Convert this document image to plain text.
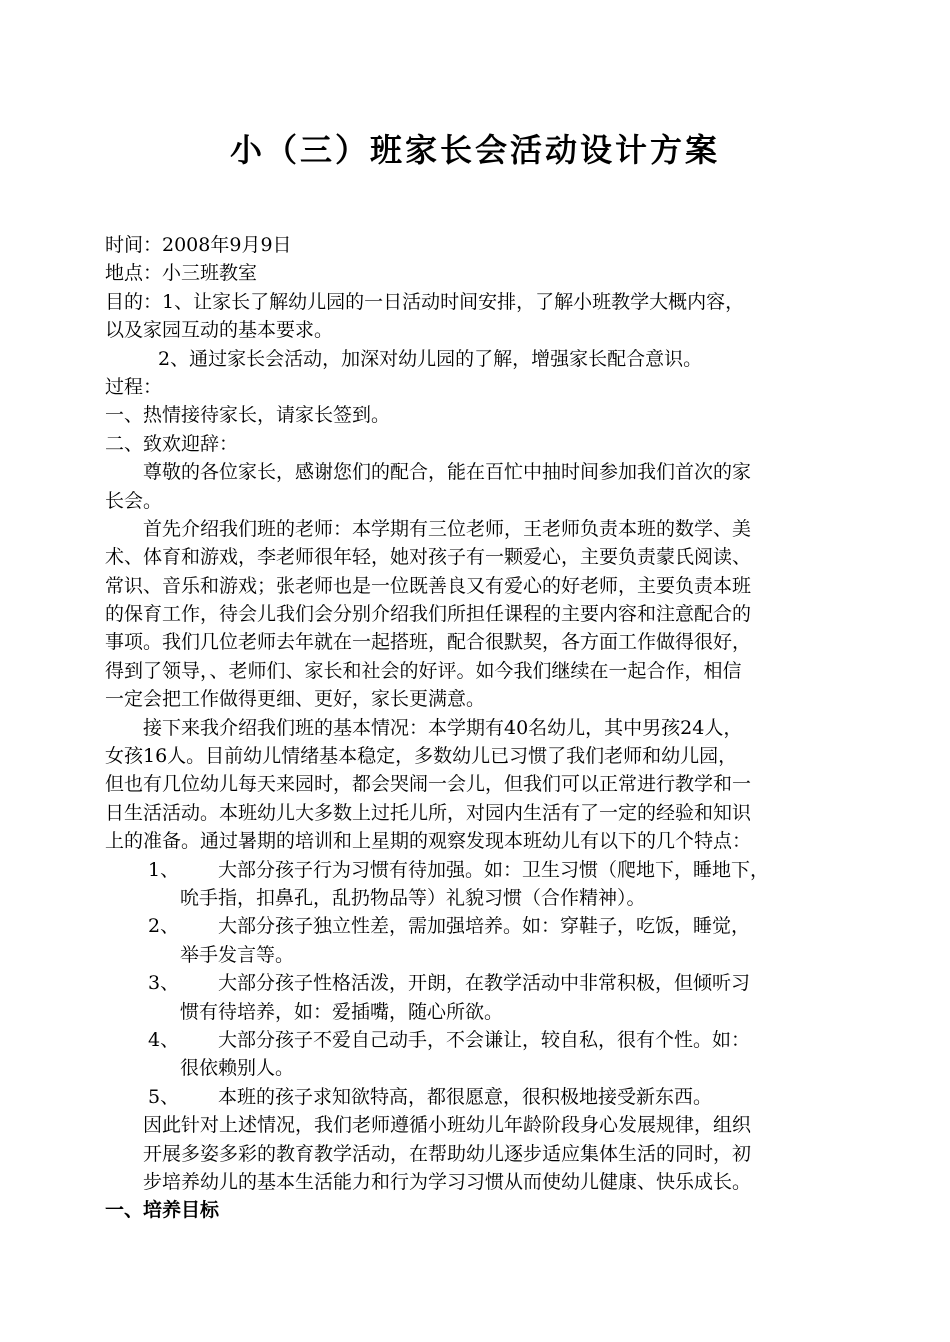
小（三）班家长会活动设计方案
时间：2008年9月9日
地点：小三班教室
目的：1、让家长了解幼儿园的一日活动时间安排，了解小班教学大概内容，
以及家园互动的基本要求。
2、通过家长会活动，加深对幼儿园的了解，增强家长配合意识。
过程：
一、热情接待家长，请家长签到。
二、致欢迎辞：
尊敬的各位家长，感谢您们的配合，能在百忙中抽时间参加我们首次的家
长会。
首先介绍我们班的老师：本学期有三位老师，王老师负责本班的数学、美
术、体育和游戏，李老师很年轻，她对孩子有一颗爱心，主要负责蒙氏阅读、
常识、音乐和游戏；张老师也是一位既善良又有爱心的好老师，主要负责本班
的保育工作，待会儿我们会分别介绍我们所担任课程的主要内容和注意配合的
事项。我们几位老师去年就在一起搭班，配合很默契，各方面工作做得很好，
得到了领导，、老师们、家长和社会的好评。如今我们继续在一起合作，相信
一定会把工作做得更细、更好，家长更满意。
接下来我介绍我们班的基本情况：本学期有40名幼儿，其中男孩24人，
女孩16人。目前幼儿情绪基本稳定，多数幼儿已习惯了我们老师和幼儿园，
但也有几位幼儿每天来园时，都会哭闹一会儿，但我们可以正常进行教学和一
日生活活动。本班幼儿大多数上过托儿所，对园内生活有了一定的经验和知识
上的准备。通过暑期的培训和上星期的观察发现本班幼儿有以下的几个特点：
1、 大部分孩子行为习惯有待加强。如：卫生习惯（爬地下，睡地下，
吮手指，扣鼻孔，乱扔物品等）礼貌习惯（合作精神）。
2、 大部分孩子独立性差，需加强培养。如：穿鞋子，吃饭，睡觉，
举手发言等。
3、 大部分孩子性格活泼，开朗，在教学活动中非常积极，但倾听习
惯有待培养，如：爱插嘴，随心所欲。
4、 大部分孩子不爱自己动手，不会谦让，较自私，很有个性。如：
很依赖别人。
5、 本班的孩子求知欲特高，都很愿意，很积极地接受新东西。
因此针对上述情况，我们老师遵循小班幼儿年龄阶段身心发展规律，组织
开展多姿多彩的教育教学活动，在帮助幼儿逐步适应集体生活的同时，初
步培养幼儿的基本生活能力和行为学习习惯从而使幼儿健康、快乐成长。
一、培养目标
